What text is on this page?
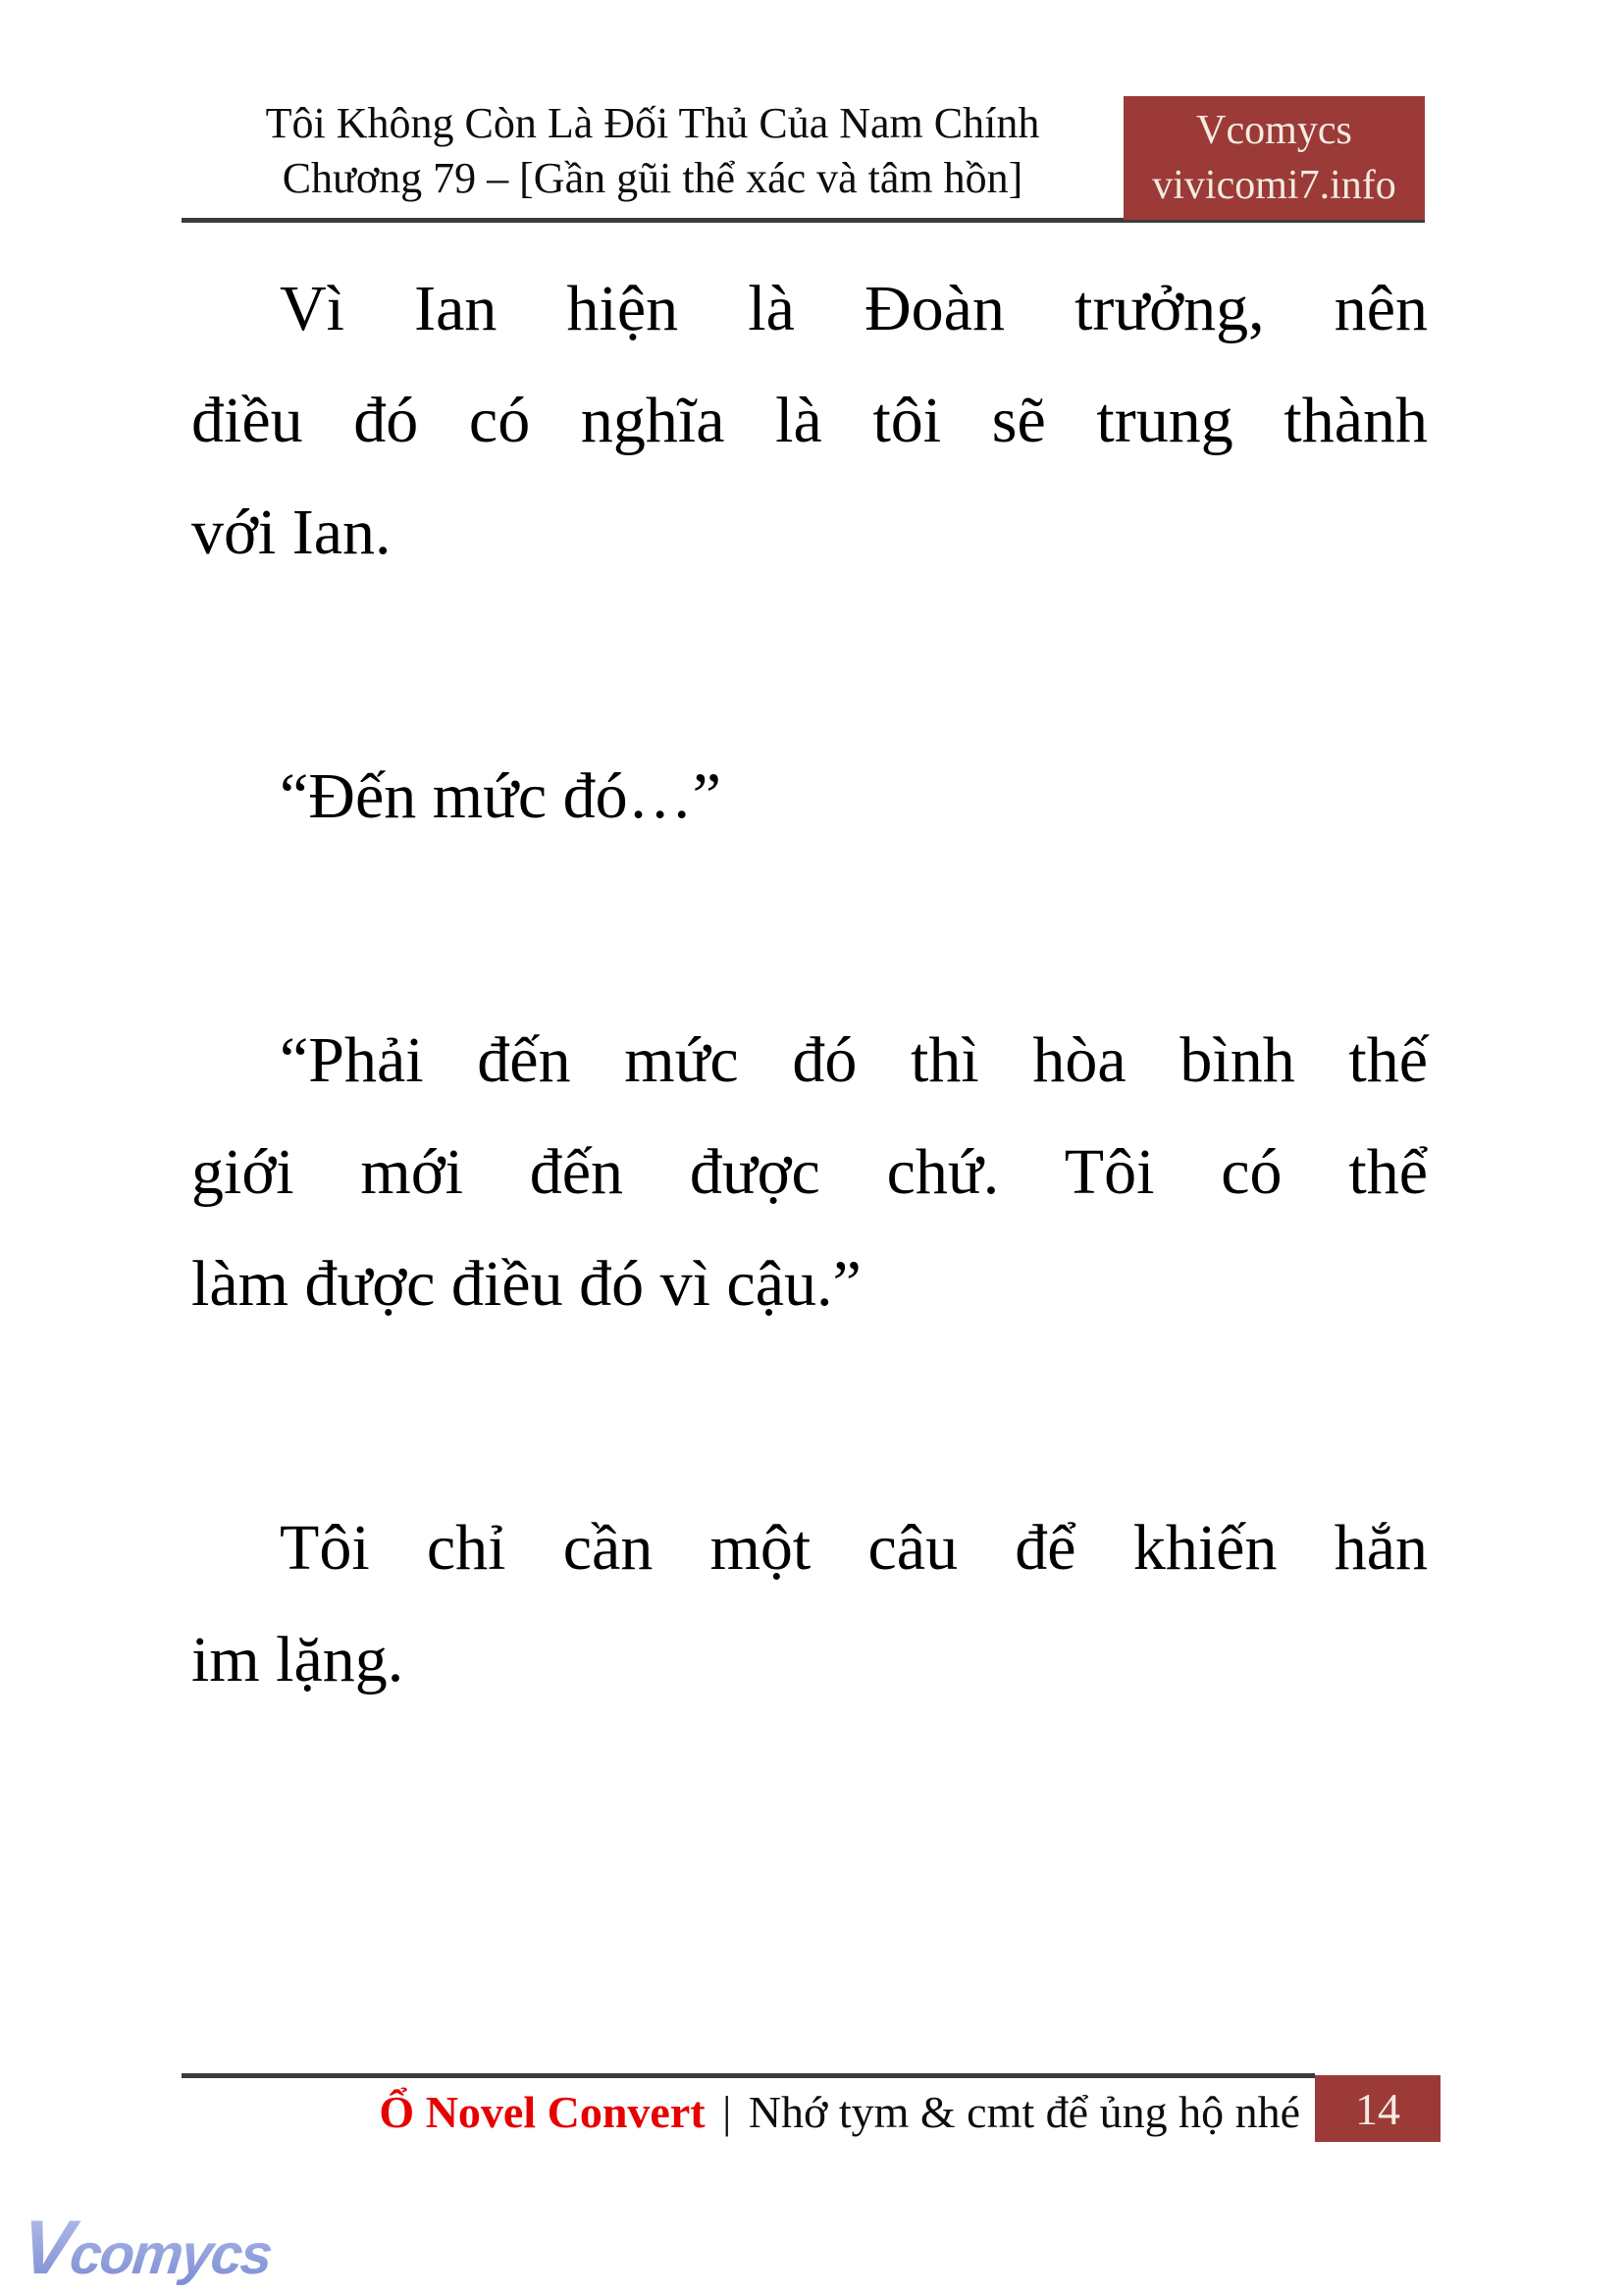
Tôi Không Còn Là Đối Thủ Của Nam Chính
Chương 79 – [Gần gũi thể xác và tâm hồn]
Vcomycs
vivicomi7.info
Vì Ian hiện là Đoàn trưởng, nên
điều đó có nghĩa là tôi sẽ trung thành
với Ian.
“Đến mức đó…”
“Phải đến mức đó thì hòa bình thế
giới mới đến được chứ. Tôi có thể
làm được điều đó vì cậu.”
Tôi chỉ cần một câu để khiến hắn
im lặng.
Ổ Novel Convert | Nhớ tym & cmt để ủng hộ nhé 14
Vcomycs
